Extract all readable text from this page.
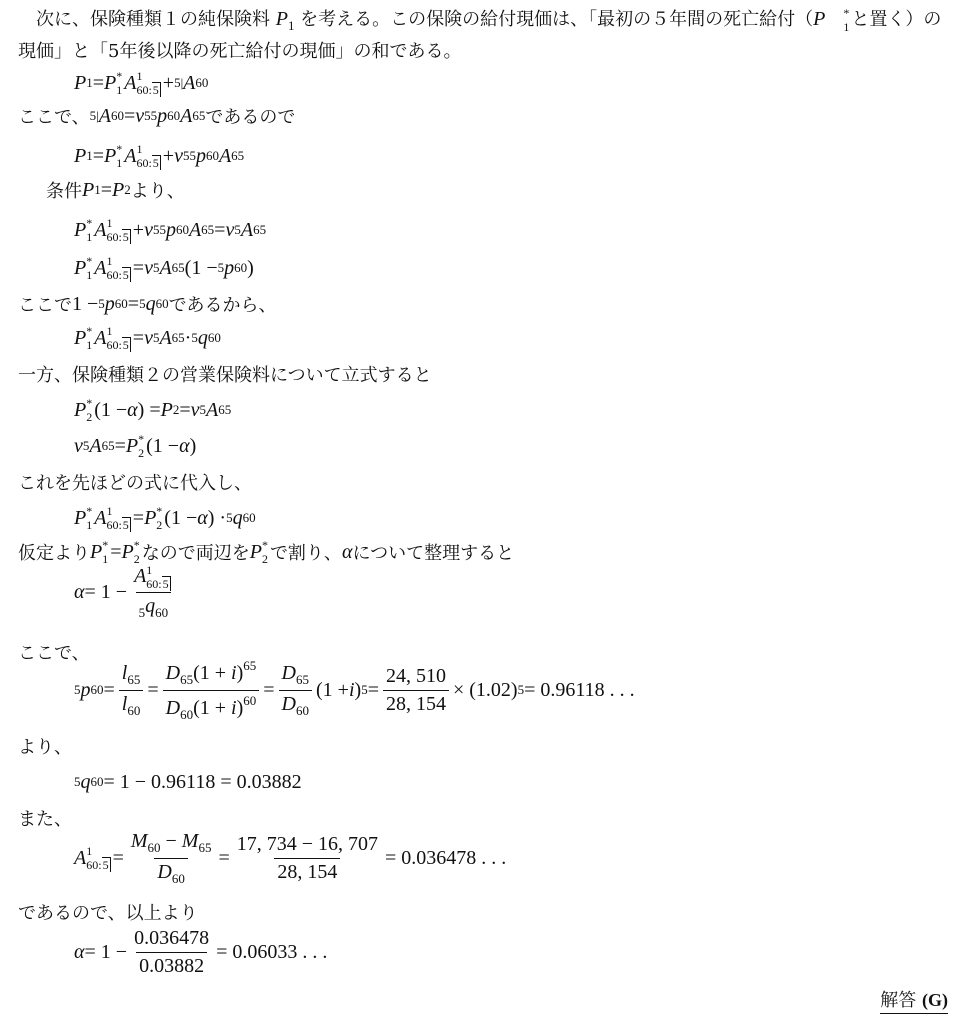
次に、保険種類１の純保険料 $P_1$ を考える。この保険の給付現価は、「最初の５年間の死亡給付（P	*
1 と置く）の現価」と「5年後以降の死亡給付の現価」の和である。
P 1 = P *
1 A 1
60:5 + 5| A 60
ここで、 5| A 60 = v 5 5 p 60 A 65 であるので
P 1 = P *
1 A 1
60:5 + v 5 5 p 60 A 65
条件 P 1 = P 2 より、
P *
1 A 1
60:5 + v 5 5 p 60 A 65 = v 5 A 65
P *
1 A 1
60:5 = v 5 A 65 (1 − 5 p 60 )
ここで 1 − 5 p 60 = 5 q 60 であるから、
P *
1 A 1
60:5 = v 5 A 65 · 5 q 60
一方、保険種類２の営業保険料について立式すると
P *
2 (1 − α ) = P 2 = v 5 A 65
v 5 A 65 = P *
2 (1 − α )
これを先ほどの式に代入し、
P *
1 A 1
60:5 = P *
2 (1 − α ) · 5 q 60
仮定より P *
1 = P *
2 なので両辺を P *
2 で割り、 α について整理すると
α = 1 − A 1
60:5
$_5q_{60}$
ここで、
5 p $60 = \frac{l_{65}}{l_{60}} = \frac{D_{65}(1 + i)^{65}}{D_{60}(1 + i)^{60}} = \frac{D_{65}}{D_{60}} (1 + i$ ) $5 = \frac{24, 510}{28, 154} \times (1.02) 5 = 0.96118$ . . .
より、
5 q 60 = 1 − 0.96118 = 0.03882
また、
A 1
60:5 = $\frac{M_{60} - M_{65}}{D_{60}} = \frac{17, 734 - 16, 707}{28, 154} = 0.036478$ . . .
であるので、以上より
$\alpha = 1 - \frac{0.036478}{0.03882} = 0.06033$ . . .
解答 (G)
